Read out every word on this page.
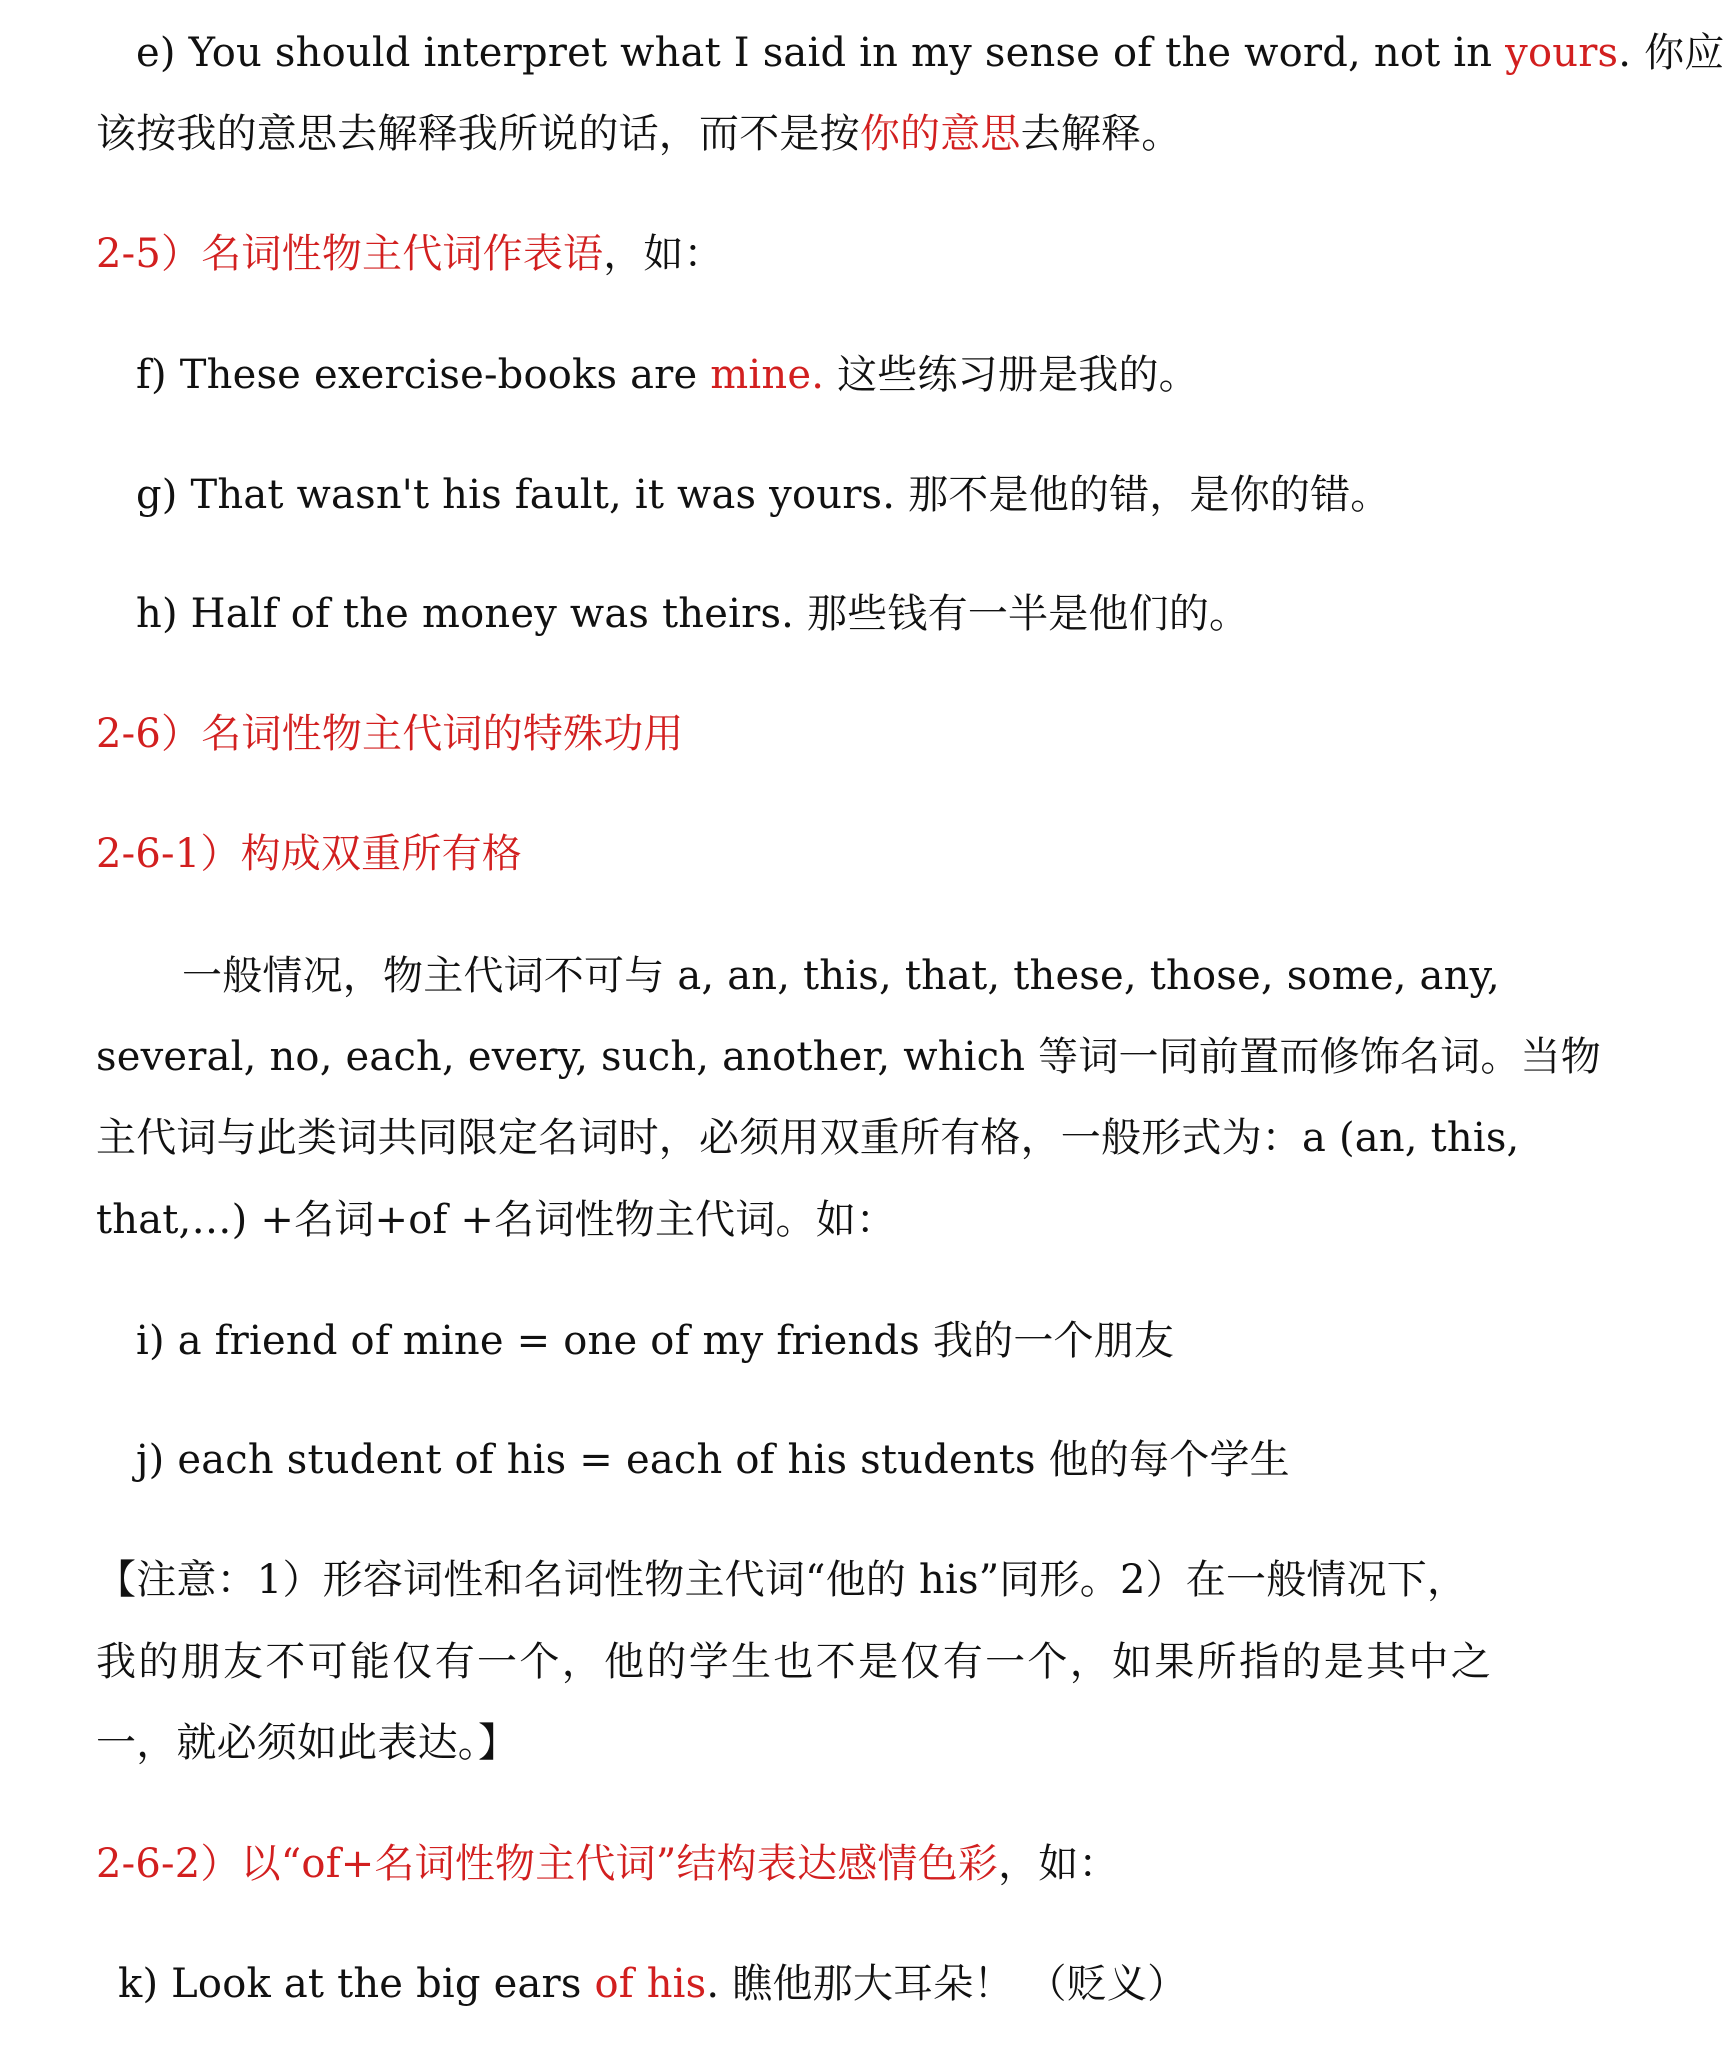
e) You should interpret what I said in my sense of the word, not in yours. 你应
该按我的意思去解释我所说的话，而不是按你的意思去解释。
2-5）名词性物主代词作表语，如：
f) These exercise-books are mine. 这些练习册是我的。
g) That wasn't his fault, it was yours. 那不是他的错，是你的错。
h) Half of the money was theirs. 那些钱有一半是他们的。
2-6）名词性物主代词的特殊功用
2-6-1）构成双重所有格
一般情况，物主代词不可与 a, an, this, that, these, those, some, any,
several, no, each, every, such, another, which 等词一同前置而修饰名词。当物
主代词与此类词共同限定名词时，必须用双重所有格，一般形式为：a (an, this,
that,…) +名词+of +名词性物主代词。如：
i) a friend of mine = one of my friends 我的一个朋友
j) each student of his = each of his students 他的每个学生
【注意：1）形容词性和名词性物主代词“他的 his”同形。2）在一般情况下，
我的朋友不可能仅有一个，他的学生也不是仅有一个，如果所指的是其中之
一，就必须如此表达。】
2-6-2）以“of+名词性物主代词”结构表达感情色彩，如：
k) Look at the big ears of his. 瞧他那大耳朵！ （贬义）
